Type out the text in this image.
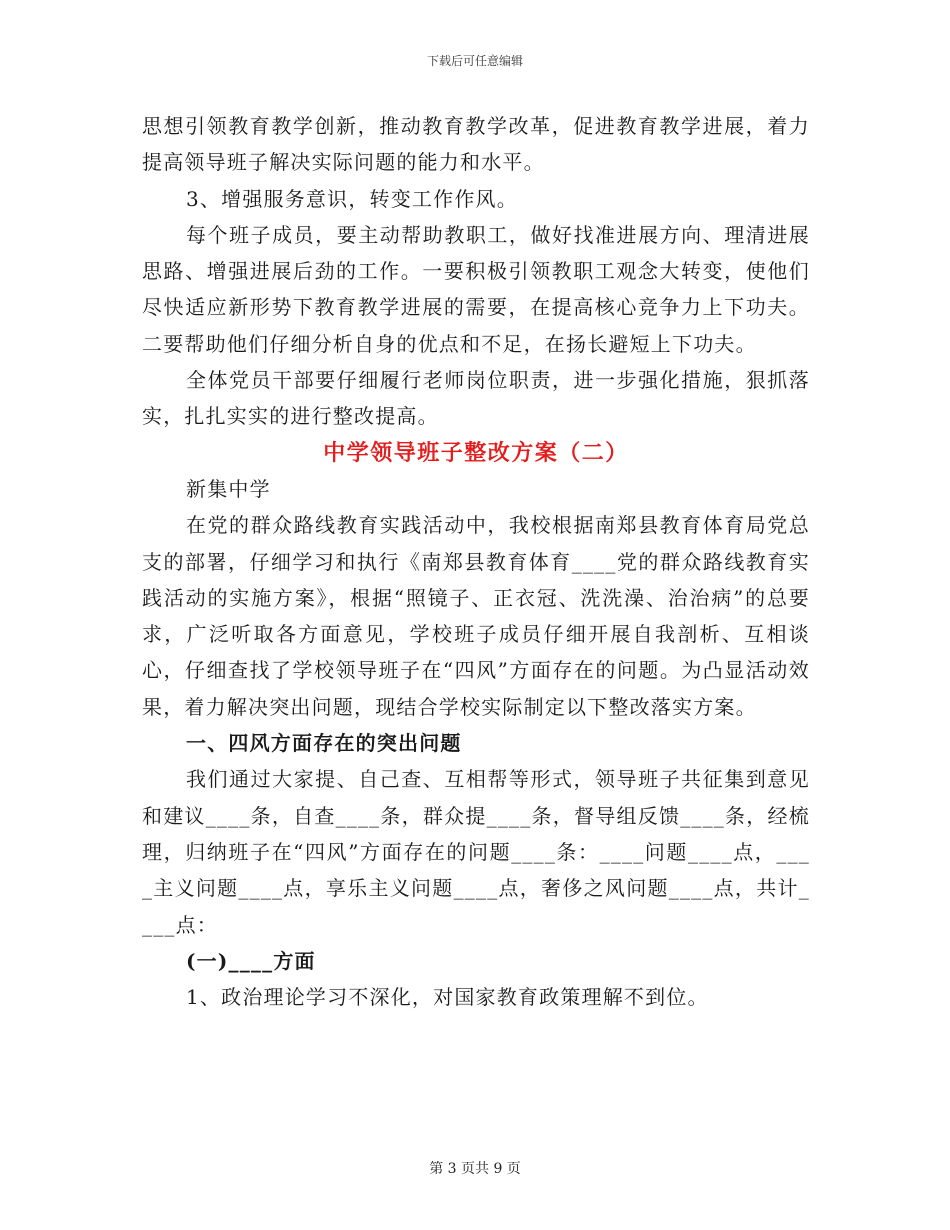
下载后可任意编辑

思想引领教育教学创新，推动教育教学改革，促进教育教学进展，着力提高领导班子解决实际问题的能力和水平。

3、增强服务意识，转变工作作风。

每个班子成员，要主动帮助教职工，做好找准进展方向、理清进展思路、增强进展后劲的工作。一要积极引领教职工观念大转变，使他们尽快适应新形势下教育教学进展的需要，在提高核心竞争力上下功夫。二要帮助他们仔细分析自身的优点和不足，在扬长避短上下功夫。

全体党员干部要仔细履行老师岗位职责，进一步强化措施，狠抓落实，扎扎实实的进行整改提高。

中学领导班子整改方案（二）

新集中学

在党的群众路线教育实践活动中，我校根据南郑县教育体育局党总支的部署，仔细学习和执行《南郑县教育体育____党的群众路线教育实践活动的实施方案》，根据“照镜子、正衣冠、洗洗澡、治治病”的总要求，广泛听取各方面意见，学校班子成员仔细开展自我剖析、互相谈心，仔细查找了学校领导班子在“四风”方面存在的问题。为凸显活动效果，着力解决突出问题，现结合学校实际制定以下整改落实方案。

一、四风方面存在的突出问题

我们通过大家提、自己查、互相帮等形式，领导班子共征集到意见和建议____条，自查____条，群众提____条，督导组反馈____条，经梳理，归纳班子在“四风”方面存在的问题____条：____问题____点，____主义问题____点，享乐主义问题____点，奢侈之风问题____点，共计____点：

(一)____方面

1、政治理论学习不深化，对国家教育政策理解不到位。

第 3 页共 9 页
